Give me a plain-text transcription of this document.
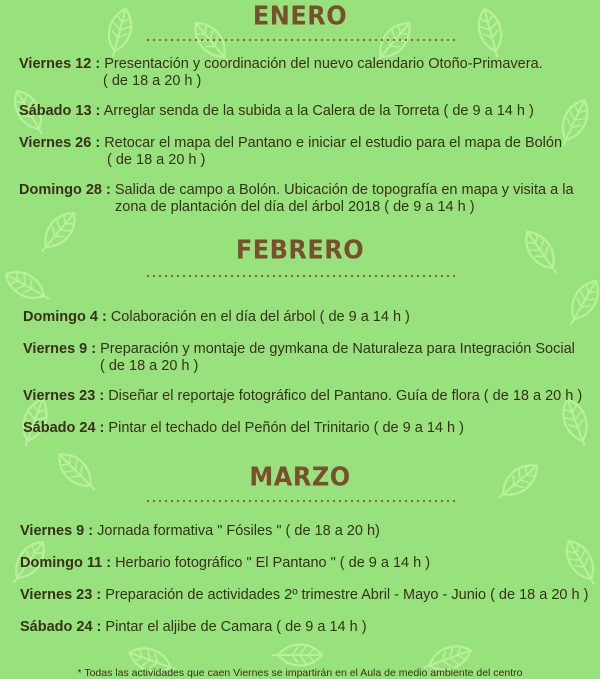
ENERO
Viernes 12 : Presentación y coordinación del nuevo calendario Otoño-Primavera.
( de 18 a 20 h )
Sábado 13 : Arreglar senda de la subida a la Calera de la Torreta ( de 9 a 14 h )
Viernes 26 : Retocar el mapa del Pantano e iniciar el estudio para el mapa de Bolón
( de 18 a 20 h )
Domingo 28 : Salida de campo a Bolón. Ubicación de topografía en mapa y visita a la
zona de plantación del día del árbol 2018 ( de 9 a 14 h )
FEBRERO
Domingo 4 : Colaboración en el día del árbol ( de 9 a 14 h )
Viernes 9 : Preparación y montaje de gymkana de Naturaleza para Integración Social
( de 18 a 20 h )
Viernes 23 : Diseñar el reportaje fotográfico del Pantano. Guía de flora ( de 18 a 20 h )
Sábado 24 : Pintar el techado del Peñón del Trinitario ( de 9 a 14 h )
MARZO
Viernes 9 : Jornada formativa " Fósiles " ( de 18 a 20 h)
Domingo 11 : Herbario fotográfico " El Pantano " ( de 9 a 14 h )
Viernes 23 : Preparación de actividades 2º trimestre Abril - Mayo - Junio ( de 18 a 20 h )
Sábado 24 : Pintar el aljibe de Camara ( de 9 a 14 h )
* Todas las actividades que caen Viernes se impartirán en el Aula de medio ambiente del centro
